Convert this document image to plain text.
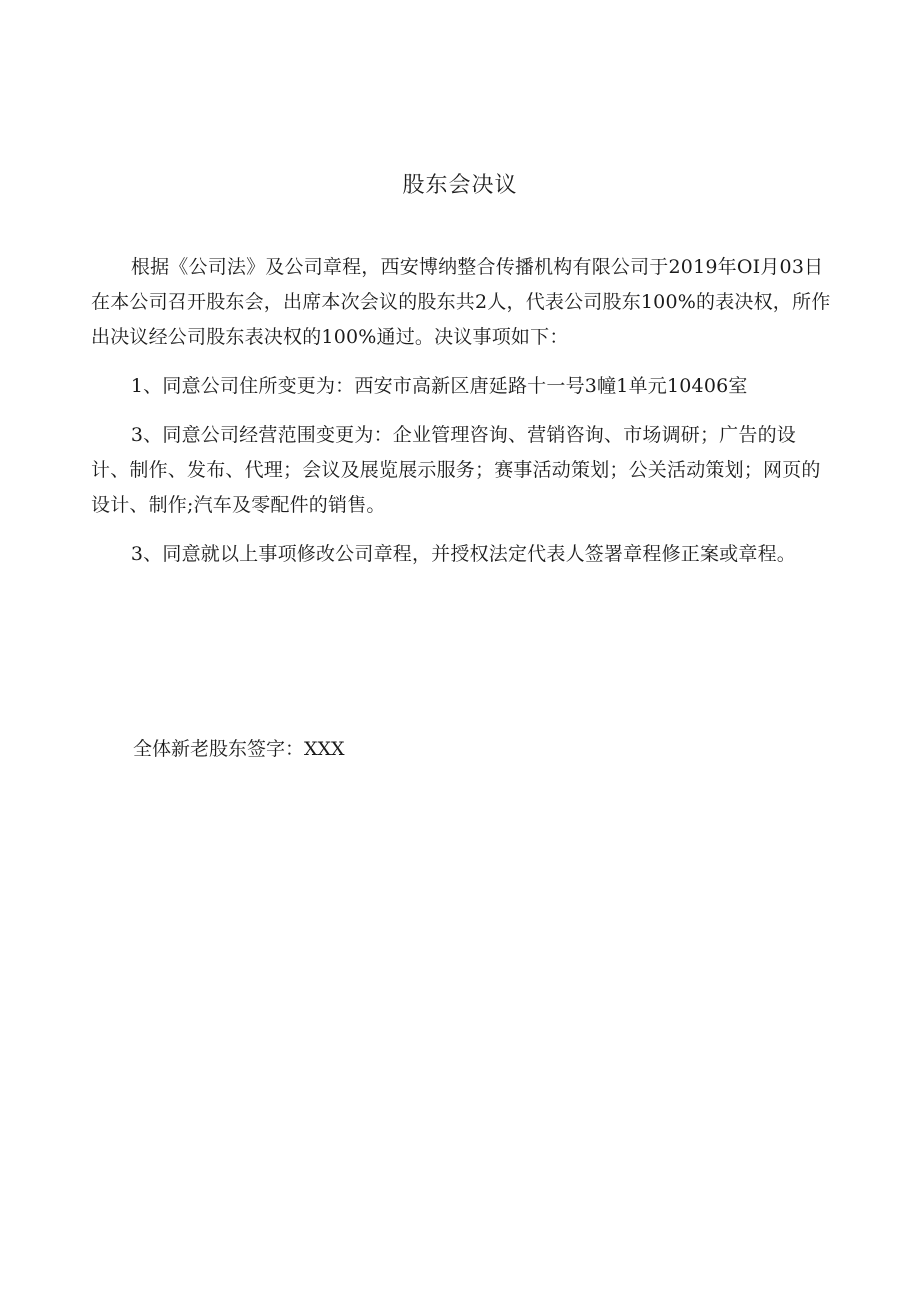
股东会决议

根据《公司法》及公司章程，西安博纳整合传播机构有限公司于2019年OI月03日在本公司召开股东会，出席本次会议的股东共2人，代表公司股东100%的表决权，所作出决议经公司股东表决权的100%通过。决议事项如下：

1、同意公司住所变更为：西安市高新区唐延路十一号3幢1单元10406室

3、同意公司经营范围变更为：企业管理咨询、营销咨询、市场调研；广告的设计、制作、发布、代理；会议及展览展示服务；赛事活动策划；公关活动策划；网页的设计、制作;汽车及零配件的销售。

3、同意就以上事项修改公司章程，并授权法定代表人签署章程修正案或章程。

全体新老股东签字：XXX
